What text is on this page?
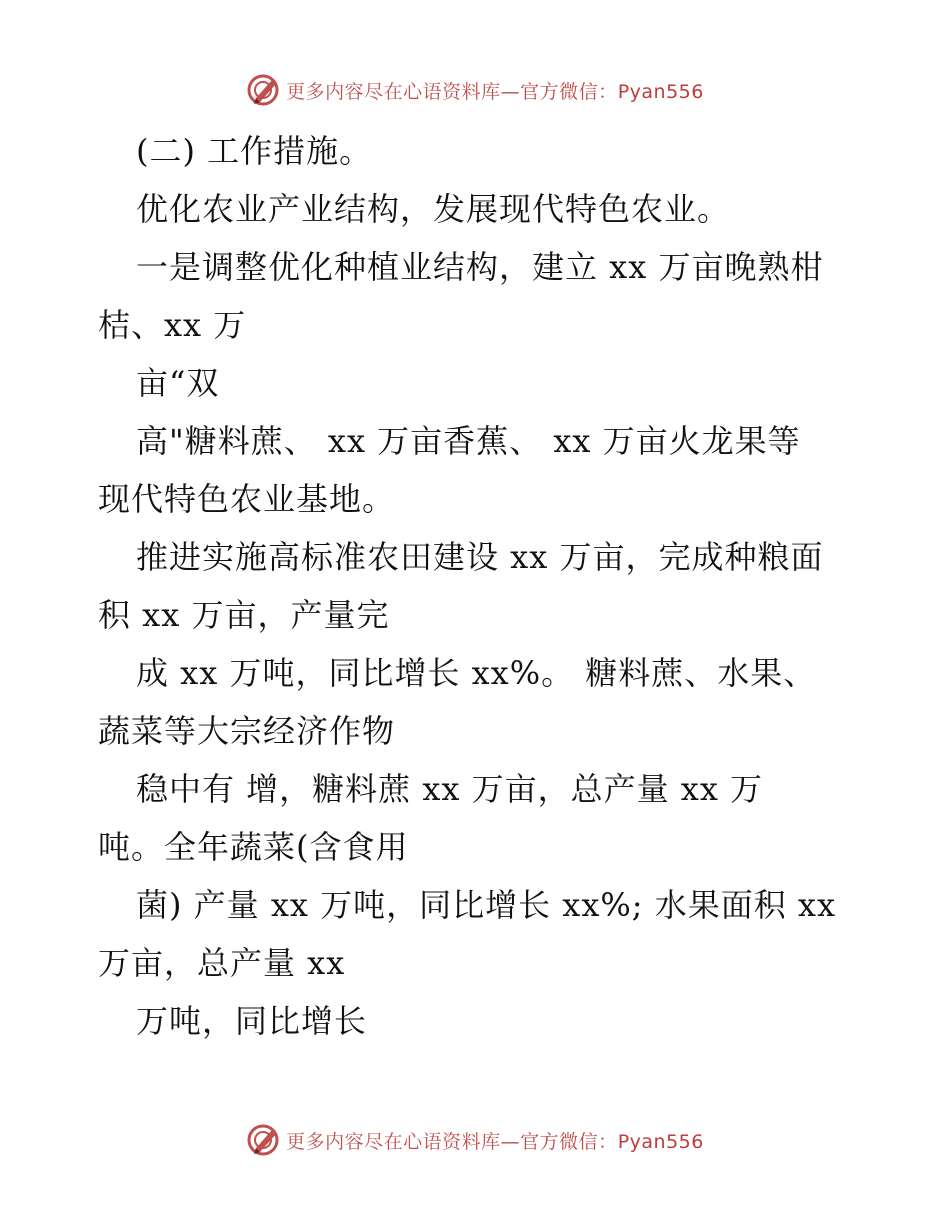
更多内容尽在心语资料库—官方微信：Pyan556
(二) 工作措施。
优化农业产业结构，发展现代特色农业。
一是调整优化种植业结构，建立 xx 万亩晚熟柑
桔、xx 万
亩“双
高"糖料蔗、 xx 万亩香蕉、 xx 万亩火龙果等
现代特色农业基地。
推进实施高标准农田建设 xx 万亩，完成种粮面
积 xx 万亩，产量完
成 xx 万吨，同比增长 xx%。 糖料蔗、水果、
蔬菜等大宗经济作物
稳中有 增，糖料蔗 xx 万亩，总产量 xx 万
吨。全年蔬菜(含食用
菌) 产量 xx 万吨，同比增长 xx%; 水果面积 xx
万亩，总产量 xx
万吨，同比增长
更多内容尽在心语资料库—官方微信：Pyan556
